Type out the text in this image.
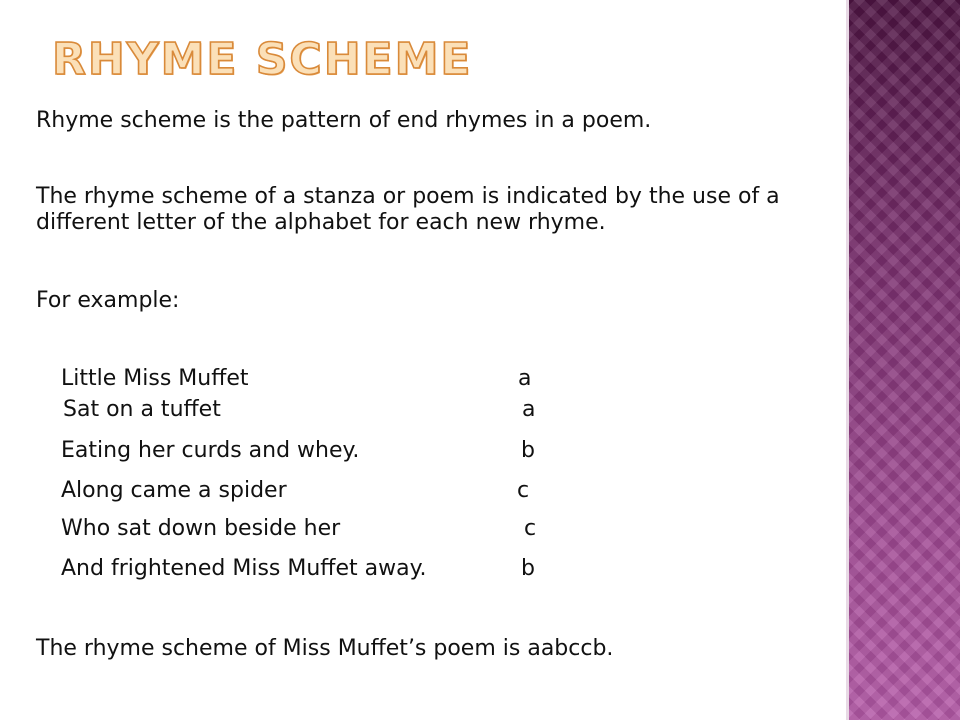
RHYME SCHEME
Rhyme scheme is the pattern of end rhymes in a poem.
The rhyme scheme of a stanza or poem is indicated by the use of a different letter of the alphabet for each new rhyme.
For example:
Little Miss Muffet	a
Sat on a tuffet	a
Eating her curds and whey.	b
Along came a spider	c
Who sat down beside her	c
And frightened Miss Muffet away.	b
The rhyme scheme of Miss Muffet’s poem is aabccb.
